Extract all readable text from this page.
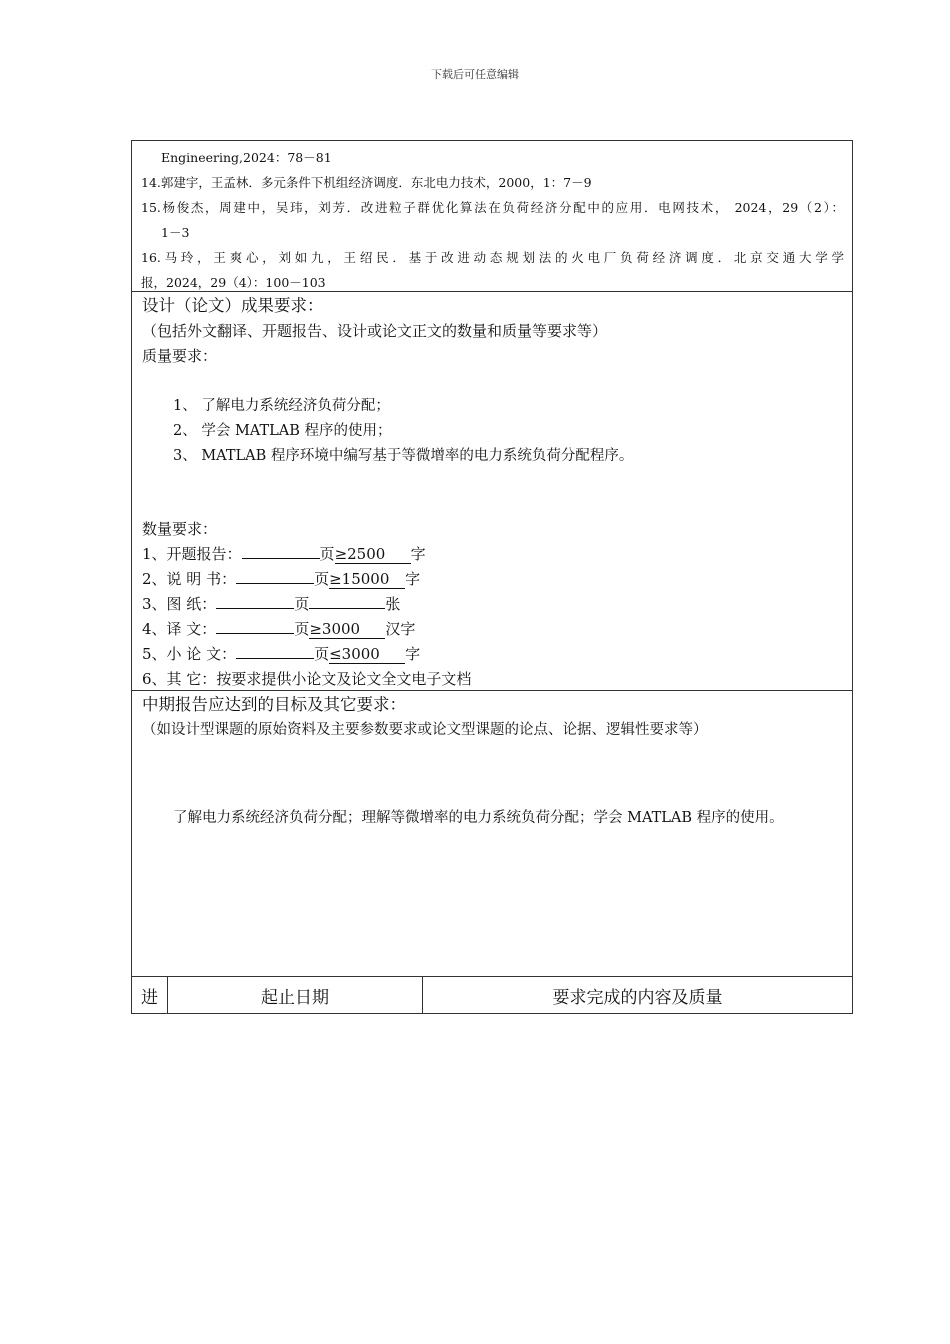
下载后可任意编辑
Engineering,2024：78－81
14.郭建宇，王孟林．多元条件下机组经济调度．东北电力技术，2000，1：7－9
15.杨俊杰，周建中，吴玮，刘芳．改进粒子群优化算法在负荷经济分配中的应用．电网技术， 2024，29（2）：
1－3
16.马玲，王爽心，刘如九，王绍民．基于改进动态规划法的火电厂负荷经济调度．北京交通大学学
报，2024，29（4）：100－103
设计（论文）成果要求：
（包括外文翻译、开题报告、设计或论文正文的数量和质量等要求等）
质量要求：
1、 了解电力系统经济负荷分配；
2、 学会 MATLAB 程序的使用；
3、 MATLAB 程序环境中编写基于等微增率的电力系统负荷分配程序。
数量要求：
1、开题报告：	页≥2500 字
2、说 明 书：	页≥15000 字
3、图 纸：	页	张
4、译 文：	页≥3000 汉字
5、小 论 文：	页≤3000 字
6、其 它：按要求提供小论文及论文全文电子文档
中期报告应达到的目标及其它要求：
（如设计型课题的原始资料及主要参数要求或论文型课题的论点、论据、逻辑性要求等）
了解电力系统经济负荷分配；理解等微增率的电力系统负荷分配；学会 MATLAB 程序的使用。
进	起止日期	要求完成的内容及质量
